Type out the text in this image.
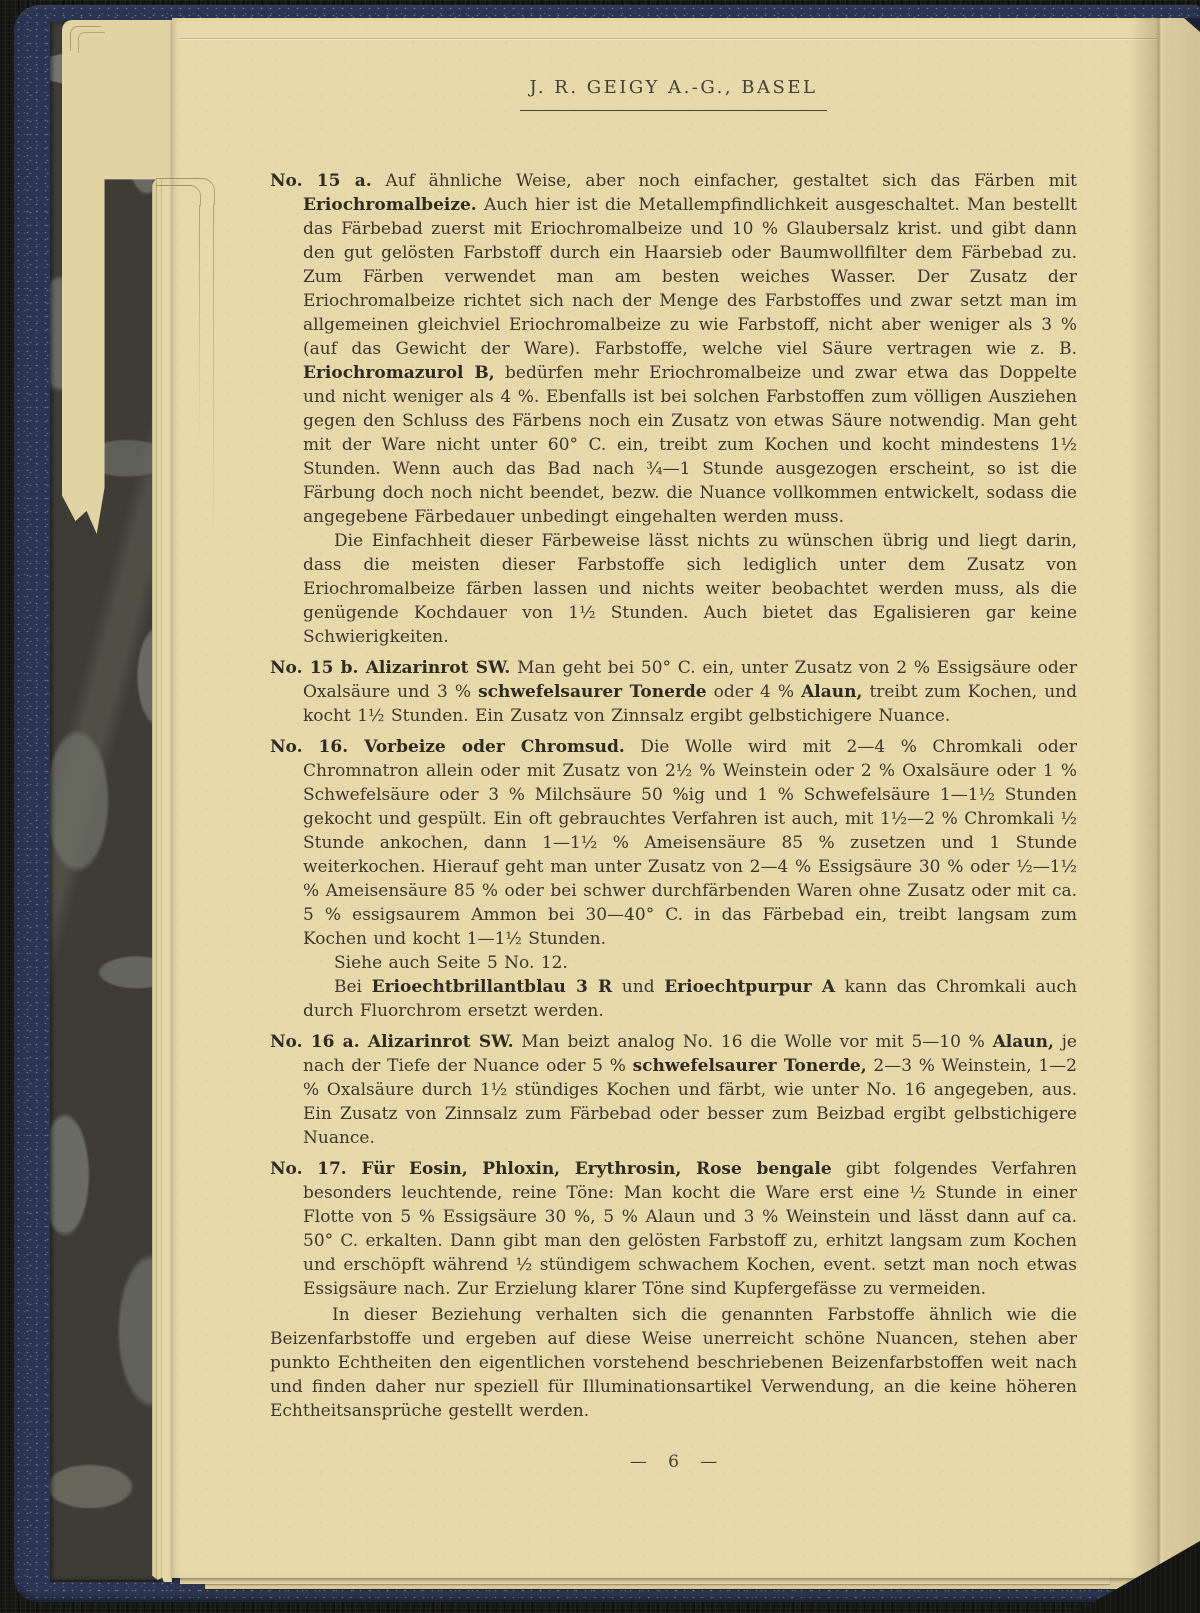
J. R. GEIGY A.-G., BASEL

No. 15 a. Auf ähnliche Weise, aber noch einfacher, gestaltet sich das Färben mit Eriochromalbeize. Auch hier ist die Metallempfindlichkeit ausgeschaltet. Man bestellt das Färbebad zuerst mit Eriochromalbeize und 10 % Glaubersalz krist. und gibt dann den gut gelösten Farbstoff durch ein Haarsieb oder Baumwollfilter dem Färbebad zu. Zum Färben verwendet man am besten weiches Wasser. Der Zusatz der Eriochromalbeize richtet sich nach der Menge des Farbstoffes und zwar setzt man im allgemeinen gleichviel Eriochromalbeize zu wie Farbstoff, nicht aber weniger als 3 % (auf das Gewicht der Ware). Farbstoffe, welche viel Säure vertragen wie z. B. Eriochromazurol B, bedürfen mehr Eriochromalbeize und zwar etwa das Doppelte und nicht weniger als 4 %. Ebenfalls ist bei solchen Farbstoffen zum völligen Ausziehen gegen den Schluss des Färbens noch ein Zusatz von etwas Säure notwendig. Man geht mit der Ware nicht unter 60° C. ein, treibt zum Kochen und kocht mindestens 1½ Stunden. Wenn auch das Bad nach ¾—1 Stunde ausgezogen erscheint, so ist die Färbung doch noch nicht beendet, bezw. die Nuance vollkommen entwickelt, sodass die angegebene Färbedauer unbedingt eingehalten werden muss.

Die Einfachheit dieser Färbeweise lässt nichts zu wünschen übrig und liegt darin, dass die meisten dieser Farbstoffe sich lediglich unter dem Zusatz von Eriochromalbeize färben lassen und nichts weiter beobachtet werden muss, als die genügende Kochdauer von 1½ Stunden. Auch bietet das Egalisieren gar keine Schwierigkeiten.

No. 15 b. Alizarinrot SW. Man geht bei 50° C. ein, unter Zusatz von 2 % Essigsäure oder Oxalsäure und 3 % schwefelsaurer Tonerde oder 4 % Alaun, treibt zum Kochen, und kocht 1½ Stunden. Ein Zusatz von Zinnsalz ergibt gelbstichigere Nuance.

No. 16. Vorbeize oder Chromsud. Die Wolle wird mit 2—4 % Chromkali oder Chromnatron allein oder mit Zusatz von 2½ % Weinstein oder 2 % Oxalsäure oder 1 % Schwefelsäure oder 3 % Milchsäure 50 %ig und 1 % Schwefelsäure 1—1½ Stunden gekocht und gespült. Ein oft gebrauchtes Verfahren ist auch, mit 1½—2 % Chromkali ½ Stunde ankochen, dann 1—1½ % Ameisensäure 85 % zusetzen und 1 Stunde weiterkochen. Hierauf geht man unter Zusatz von 2—4 % Essigsäure 30 % oder ½—1½ % Ameisensäure 85 % oder bei schwer durchfärbenden Waren ohne Zusatz oder mit ca. 5 % essigsaurem Ammon bei 30—40° C. in das Färbebad ein, treibt langsam zum Kochen und kocht 1—1½ Stunden.

Siehe auch Seite 5 No. 12.

Bei Erioechtbrillantblau 3 R und Erioechtpurpur A kann das Chromkali auch durch Fluorchrom ersetzt werden.

No. 16 a. Alizarinrot SW. Man beizt analog No. 16 die Wolle vor mit 5—10 % Alaun, je nach der Tiefe der Nuance oder 5 % schwefelsaurer Tonerde, 2—3 % Weinstein, 1—2 % Oxalsäure durch 1½ stündiges Kochen und färbt, wie unter No. 16 angegeben, aus. Ein Zusatz von Zinnsalz zum Färbebad oder besser zum Beizbad ergibt gelbstichigere Nuance.

No. 17. Für Eosin, Phloxin, Erythrosin, Rose bengale gibt folgendes Verfahren besonders leuchtende, reine Töne: Man kocht die Ware erst eine ½ Stunde in einer Flotte von 5 % Essigsäure 30 %, 5 % Alaun und 3 % Weinstein und lässt dann auf ca. 50° C. erkalten. Dann gibt man den gelösten Farbstoff zu, erhitzt langsam zum Kochen und erschöpft während ½ stündigem schwachem Kochen, event. setzt man noch etwas Essigsäure nach. Zur Erzielung klarer Töne sind Kupfergefässe zu vermeiden.

In dieser Beziehung verhalten sich die genannten Farbstoffe ähnlich wie die Beizenfarbstoffe und ergeben auf diese Weise unerreicht schöne Nuancen, stehen aber punkto Echtheiten den eigentlichen vorstehend beschriebenen Beizenfarbstoffen weit nach und finden daher nur speziell für Illuminationsartikel Verwendung, an die keine höheren Echtheitsansprüche gestellt werden.

— 6 —
